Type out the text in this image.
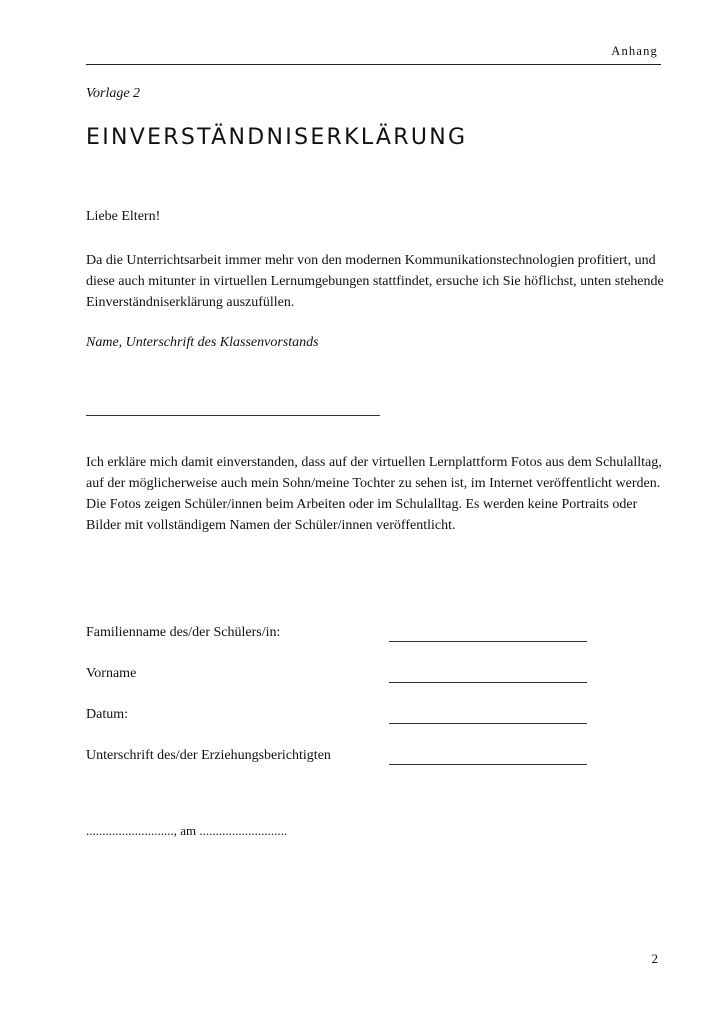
Anhang
Vorlage 2
EINVERSTÄNDNISERKLÄRUNG
Liebe Eltern!
Da die Unterrichtsarbeit immer mehr von den modernen Kommunikationstechnologien profitiert, und diese auch mitunter in virtuellen Lernumgebungen stattfindet, ersuche ich Sie höflichst, unten stehende Einverständniserklärung auszufüllen.
Name, Unterschrift des Klassenvorstands
Ich erkläre mich damit einverstanden, dass auf der virtuellen Lernplattform Fotos aus dem Schulalltag, auf der möglicherweise auch mein Sohn/meine Tochter zu sehen ist, im Internet veröffentlicht werden. Die Fotos zeigen Schüler/innen beim Arbeiten oder im Schulalltag. Es werden keine Portraits oder Bilder mit vollständigem Namen der Schüler/innen veröffentlicht.
Familienname des/der Schülers/in:
Vorname
Datum:
Unterschrift des/der Erziehungsberichtigten
..........................., am ...........................
2
